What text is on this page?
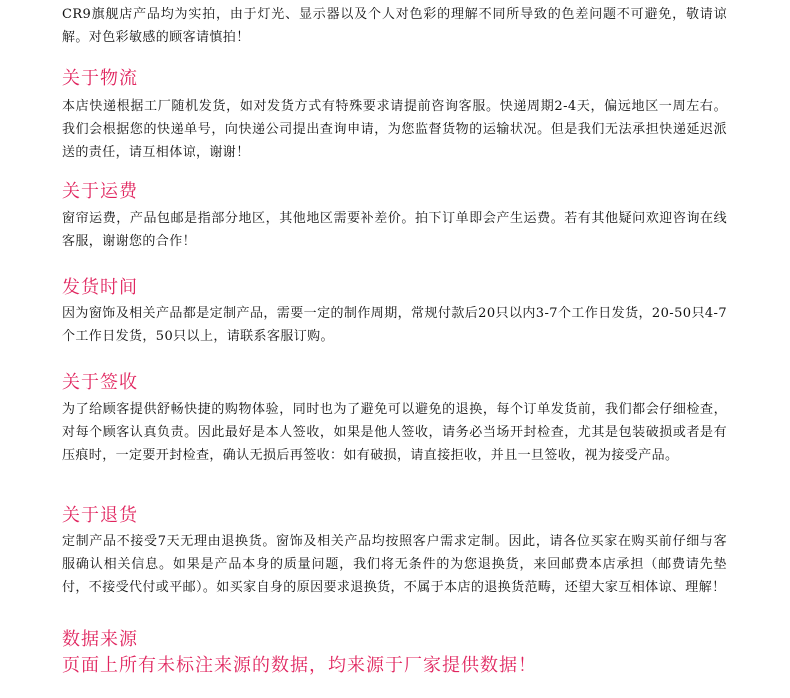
CR9旗舰店产品均为实拍，由于灯光、显示器以及个人对色彩的理解不同所导致的色差问题不可避免，敬请谅解。对色彩敏感的顾客请慎拍！

关于物流

本店快递根据工厂随机发货，如对发货方式有特殊要求请提前咨询客服。快递周期2-4天，偏远地区一周左右。我们会根据您的快递单号，向快递公司提出查询申请，为您监督货物的运输状况。但是我们无法承担快递延迟派送的责任，请互相体谅，谢谢！

关于运费

窗帘运费，产品包邮是指部分地区，其他地区需要补差价。拍下订单即会产生运费。若有其他疑问欢迎咨询在线客服，谢谢您的合作！

发货时间

因为窗饰及相关产品都是定制产品，需要一定的制作周期，常规付款后20只以内3-7个工作日发货，20-50只4-7个工作日发货，50只以上，请联系客服订购。

关于签收

为了给顾客提供舒畅快捷的购物体验，同时也为了避免可以避免的退换，每个订单发货前，我们都会仔细检查，对每个顾客认真负责。因此最好是本人签收，如果是他人签收，请务必当场开封检查，尤其是包装破损或者是有压痕时，一定要开封检查，确认无损后再签收：如有破损，请直接拒收，并且一旦签收，视为接受产品。

关于退货

定制产品不接受7天无理由退换货。窗饰及相关产品均按照客户需求定制。因此，请各位买家在购买前仔细与客服确认相关信息。如果是产品本身的质量问题，我们将无条件的为您退换货，来回邮费本店承担（邮费请先垫付，不接受代付或平邮）。如买家自身的原因要求退换货，不属于本店的退换货范畴，还望大家互相体谅、理解！

数据来源

页面上所有未标注来源的数据，均来源于厂家提供数据！
